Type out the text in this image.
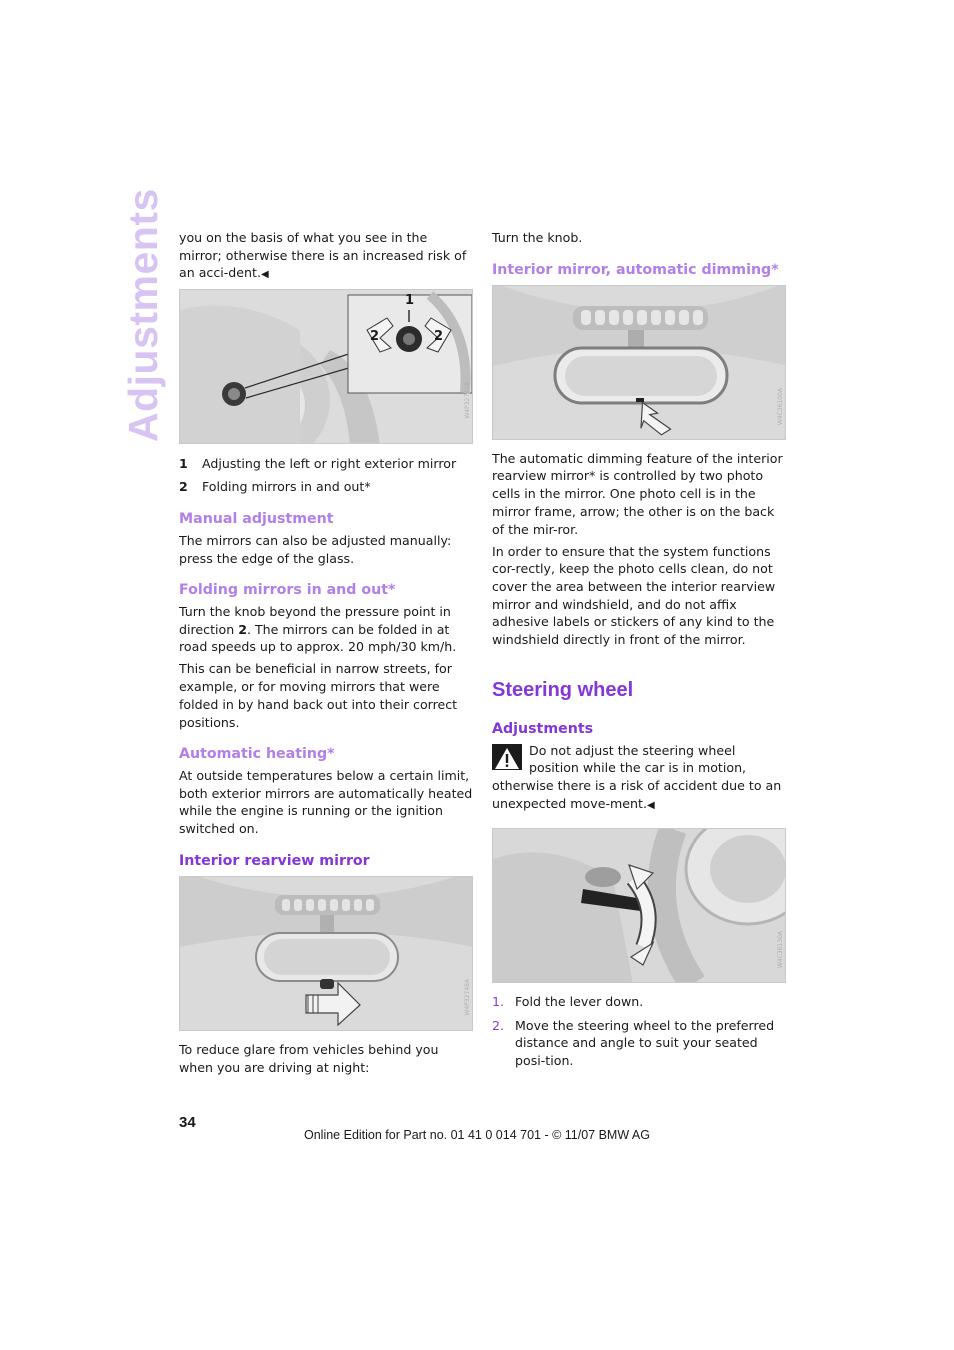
Adjustments you on the basis of what you see in the mirror; otherwise there is an increased risk of an acci-dent.◀

1
2	2
W4P32741A
1	Adjusting the left or right exterior mirror
2	Folding mirrors in and out*
Manual adjustment

The mirrors can also be adjusted manually: press the edge of the glass.

Folding mirrors in and out*

Turn the knob beyond the pressure point in direction 2. The mirrors can be folded in at road speeds up to approx. 20 mph/30 km/h.

This can be beneficial in narrow streets, for example, or for moving mirrors that were folded in by hand back out into their correct positions.

Automatic heating*

At outside temperatures below a certain limit, both exterior mirrors are automatically heated while the engine is running or the ignition switched on.

Interior rearview mirror
W4P32748A

To reduce glare from vehicles behind you when you are driving at night:

Turn the knob.

Interior mirror, automatic dimming*
W4C36100A

The automatic dimming feature of the interior rearview mirror* is controlled by two photo cells in the mirror. One photo cell is in the mirror frame, arrow; the other is on the back of the mir-ror.

In order to ensure that the system functions cor-rectly, keep the photo cells clean, do not cover the area between the interior rearview mirror and windshield, and do not affix adhesive labels or stickers of any kind to the windshield directly in front of the mirror.

Steering wheel
Adjustments

Do not adjust the steering wheel position while the car is in motion, otherwise there is a risk of accident due to an unexpected move-ment.◀

W4C36130A
1. Fold the lever down.
2. Move the steering wheel to the preferred distance and angle to suit your seated posi-tion.
34
Online Edition for Part no. 01 41 0 014 701 - © 11/07 BMW AG
